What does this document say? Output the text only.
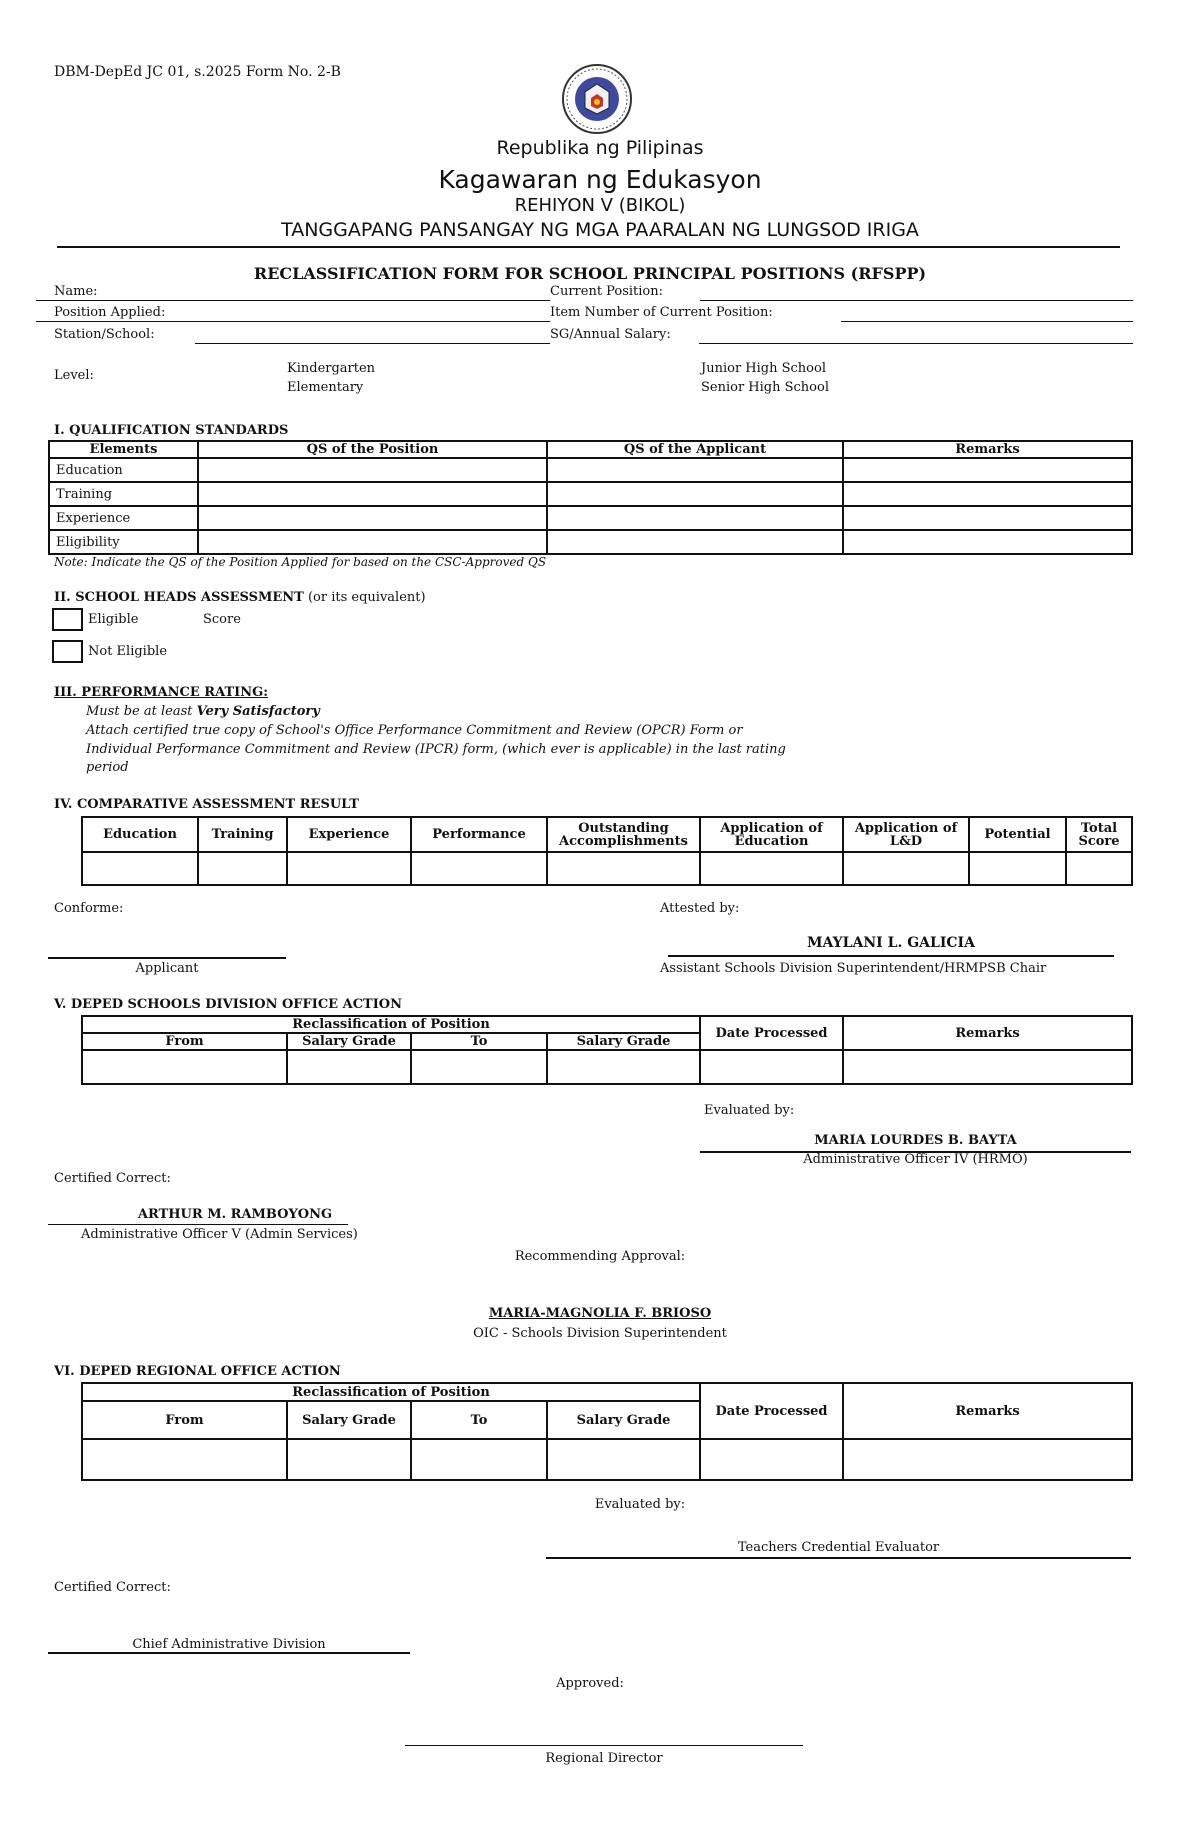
DBM-DepEd JC 01, s.2025 Form No. 2-B
Republika ng Pilipinas
Kagawaran ng Edukasyon
REHIYON V (BIKOL)
TANGGAPANG PANSANGAY NG MGA PAARALAN NG LUNGSOD IRIGA
RECLASSIFICATION FORM FOR SCHOOL PRINCIPAL POSITIONS (RFSPP)
Name:	Current Position:
Position Applied:	Item Number of Current Position:
Station/School:	SG/Annual Salary:
Level:	Kindergarten
Elementary
Junior High School
Senior High School
I. QUALIFICATION STANDARDS
Elements	QS of the Position	QS of the Applicant	Remarks
Education			
Training			
Experience			
Eligibility			
Note: Indicate the QS of the Position Applied for based on the CSC-Approved QS
II. SCHOOL HEADS ASSESSMENT (or its equivalent)
Eligible	Score
Not Eligible
III. PERFORMANCE RATING:
Must be at least Very Satisfactory
Attach certified true copy of School's Office Performance Commitment and Review (OPCR) Form or
Individual Performance Commitment and Review (IPCR) form, (which ever is applicable) in the last rating
period
IV. COMPARATIVE ASSESSMENT RESULT
Education	Training	Experience	Performance	Outstanding Accomplishments	Application of Education	Application of L&D	Potential	Total Score

Conforme:
Applicant
Attested by:
MAYLANI L. GALICIA
Assistant Schools Division Superintendent/HRMPSB Chair
V. DEPED SCHOOLS DIVISION OFFICE ACTION
Reclassification of Position				Date Processed	Remarks
From	Salary Grade	To	Salary Grade		

Evaluated by:
MARIA LOURDES B. BAYTA
Administrative Officer IV (HRMO)
Certified Correct:
ARTHUR M. RAMBOYONG
Administrative Officer V (Admin Services)
Recommending Approval:
MARIA-MAGNOLIA F. BRIOSO
OIC - Schools Division Superintendent
VI. DEPED REGIONAL OFFICE ACTION
Reclassification of Position				Date Processed	Remarks
From	Salary Grade	To	Salary Grade		

Evaluated by:
Teachers Credential Evaluator
Certified Correct:
Chief Administrative Division
Approved:
Regional Director
